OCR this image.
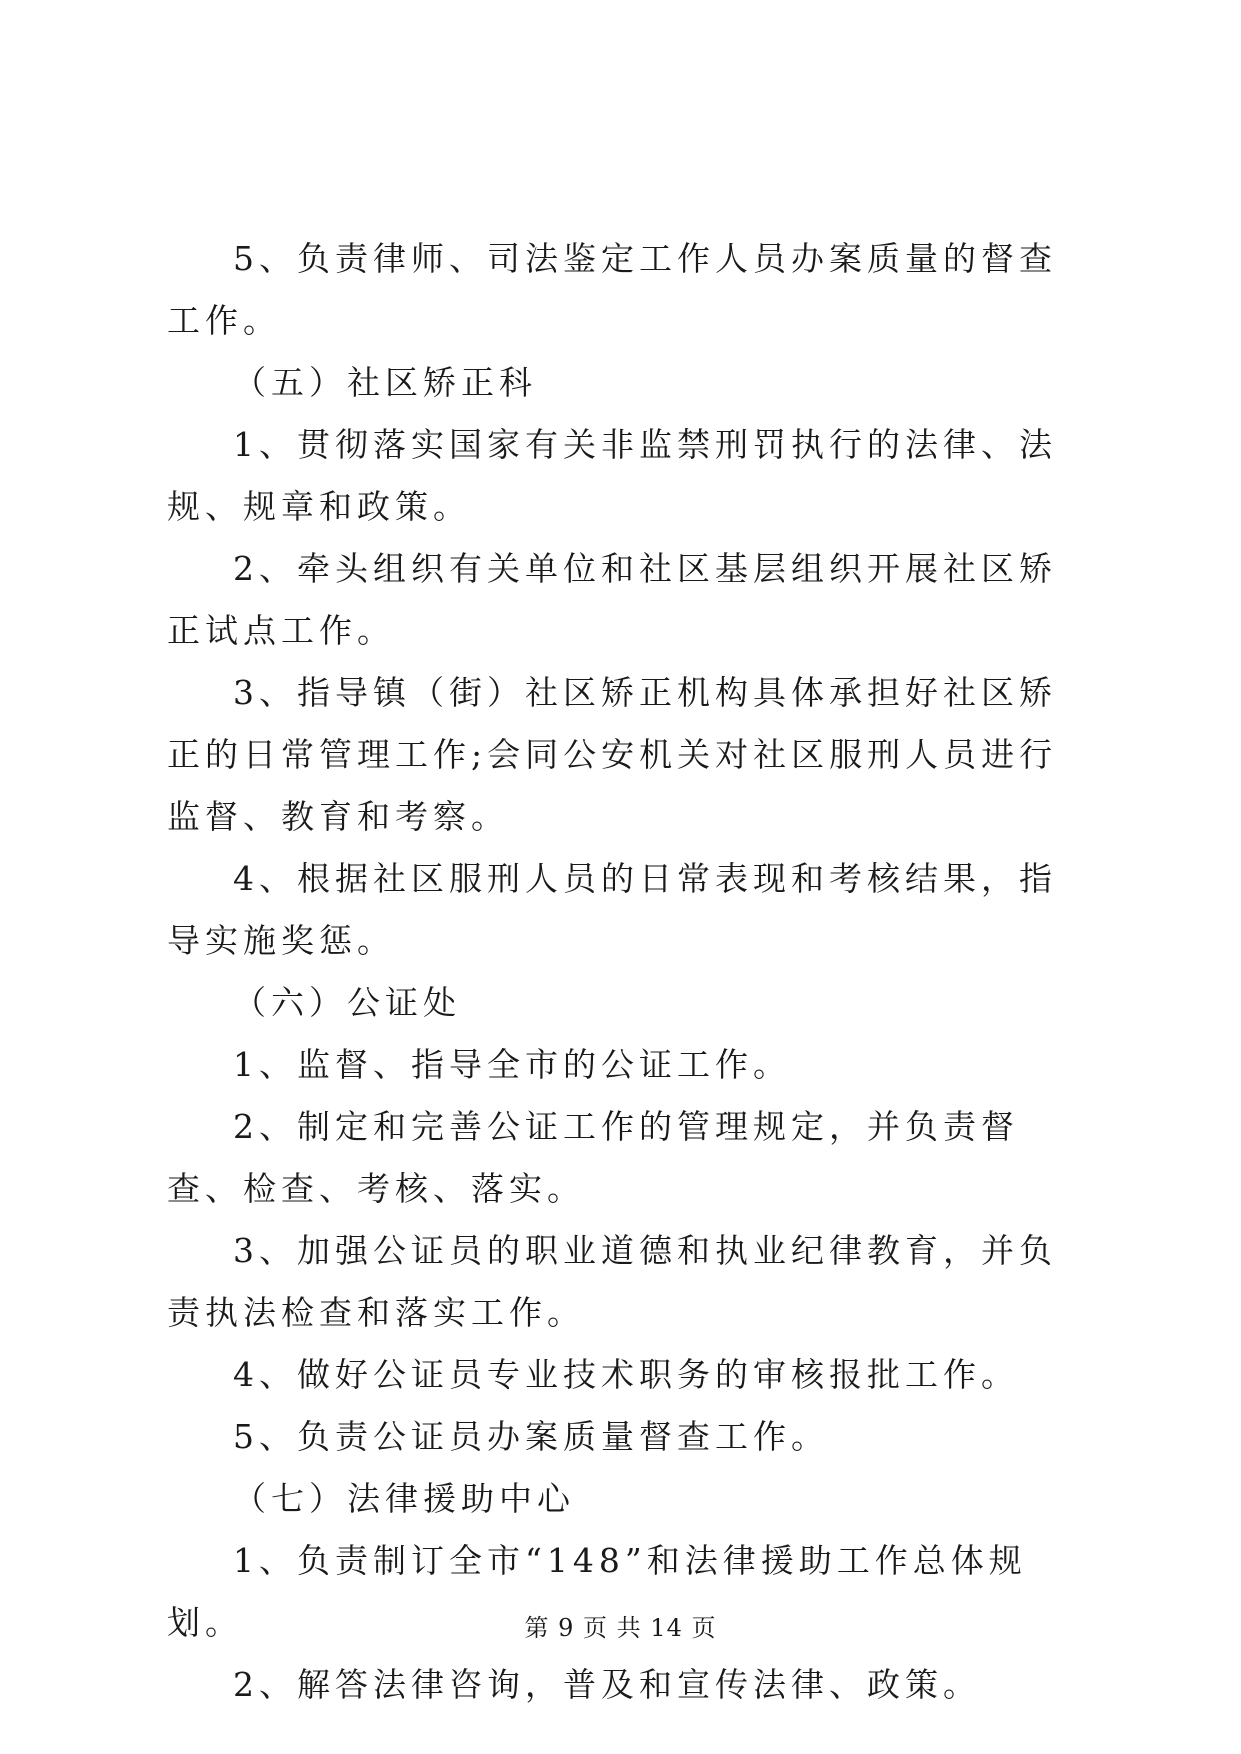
5、负责律师、司法鉴定工作人员办案质量的督查工作。

（五）社区矫正科

1、贯彻落实国家有关非监禁刑罚执行的法律、法规、规章和政策。

2、牵头组织有关单位和社区基层组织开展社区矫正试点工作。

3、指导镇（街）社区矫正机构具体承担好社区矫正的日常管理工作;会同公安机关对社区服刑人员进行监督、教育和考察。

4、根据社区服刑人员的日常表现和考核结果，指导实施奖惩。

（六）公证处

1、监督、指导全市的公证工作。

2、制定和完善公证工作的管理规定，并负责督查、检查、考核、落实。

3、加强公证员的职业道德和执业纪律教育，并负责执法检查和落实工作。

4、做好公证员专业技术职务的审核报批工作。

5、负责公证员办案质量督查工作。

（七）法律援助中心

1、负责制订全市“148”和法律援助工作总体规划。

2、解答法律咨询，普及和宣传法律、政策。

第 9 页 共 14 页
